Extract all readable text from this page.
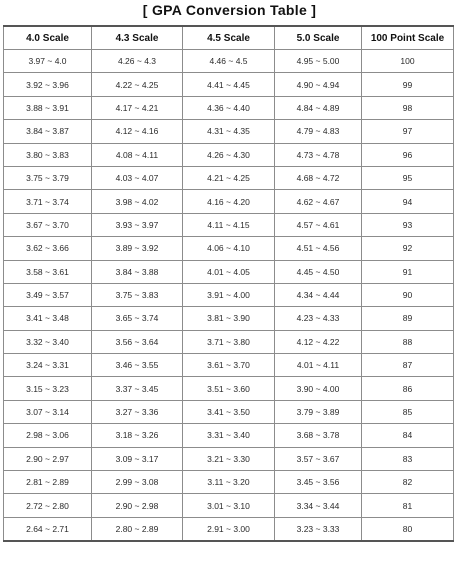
[ GPA Conversion Table ]
4.0 Scale	4.3 Scale	4.5 Scale	5.0 Scale	100 Point Scale
3.97 ~ 4.0	4.26 ~ 4.3	4.46 ~ 4.5	4.95 ~ 5.00	100
3.92 ~ 3.96	4.22 ~ 4.25	4.41 ~ 4.45	4.90 ~ 4.94	99
3.88 ~ 3.91	4.17 ~ 4.21	4.36 ~ 4.40	4.84 ~ 4.89	98
3.84 ~ 3.87	4.12 ~ 4.16	4.31 ~ 4.35	4.79 ~ 4.83	97
3.80 ~ 3.83	4.08 ~ 4.11	4.26 ~ 4.30	4.73 ~ 4.78	96
3.75 ~ 3.79	4.03 ~ 4.07	4.21 ~ 4.25	4.68 ~ 4.72	95
3.71 ~ 3.74	3.98 ~ 4.02	4.16 ~ 4.20	4.62 ~ 4.67	94
3.67 ~ 3.70	3.93 ~ 3.97	4.11 ~ 4.15	4.57 ~ 4.61	93
3.62 ~ 3.66	3.89 ~ 3.92	4.06 ~ 4.10	4.51 ~ 4.56	92
3.58 ~ 3.61	3.84 ~ 3.88	4.01 ~ 4.05	4.45 ~ 4.50	91
3.49 ~ 3.57	3.75 ~ 3.83	3.91 ~ 4.00	4.34 ~ 4.44	90
3.41 ~ 3.48	3.65 ~ 3.74	3.81 ~ 3.90	4.23 ~ 4.33	89
3.32 ~ 3.40	3.56 ~ 3.64	3.71 ~ 3.80	4.12 ~ 4.22	88
3.24 ~ 3.31	3.46 ~ 3.55	3.61 ~ 3.70	4.01 ~ 4.11	87
3.15 ~ 3.23	3.37 ~ 3.45	3.51 ~ 3.60	3.90 ~ 4.00	86
3.07 ~ 3.14	3.27 ~ 3.36	3.41 ~ 3.50	3.79 ~ 3.89	85
2.98 ~ 3.06	3.18 ~ 3.26	3.31 ~ 3.40	3.68 ~ 3.78	84
2.90 ~ 2.97	3.09 ~ 3.17	3.21 ~ 3.30	3.57 ~ 3.67	83
2.81 ~ 2.89	2.99 ~ 3.08	3.11 ~ 3.20	3.45 ~ 3.56	82
2.72 ~ 2.80	2.90 ~ 2.98	3.01 ~ 3.10	3.34 ~ 3.44	81
2.64 ~ 2.71	2.80 ~ 2.89	2.91 ~ 3.00	3.23 ~ 3.33	80
